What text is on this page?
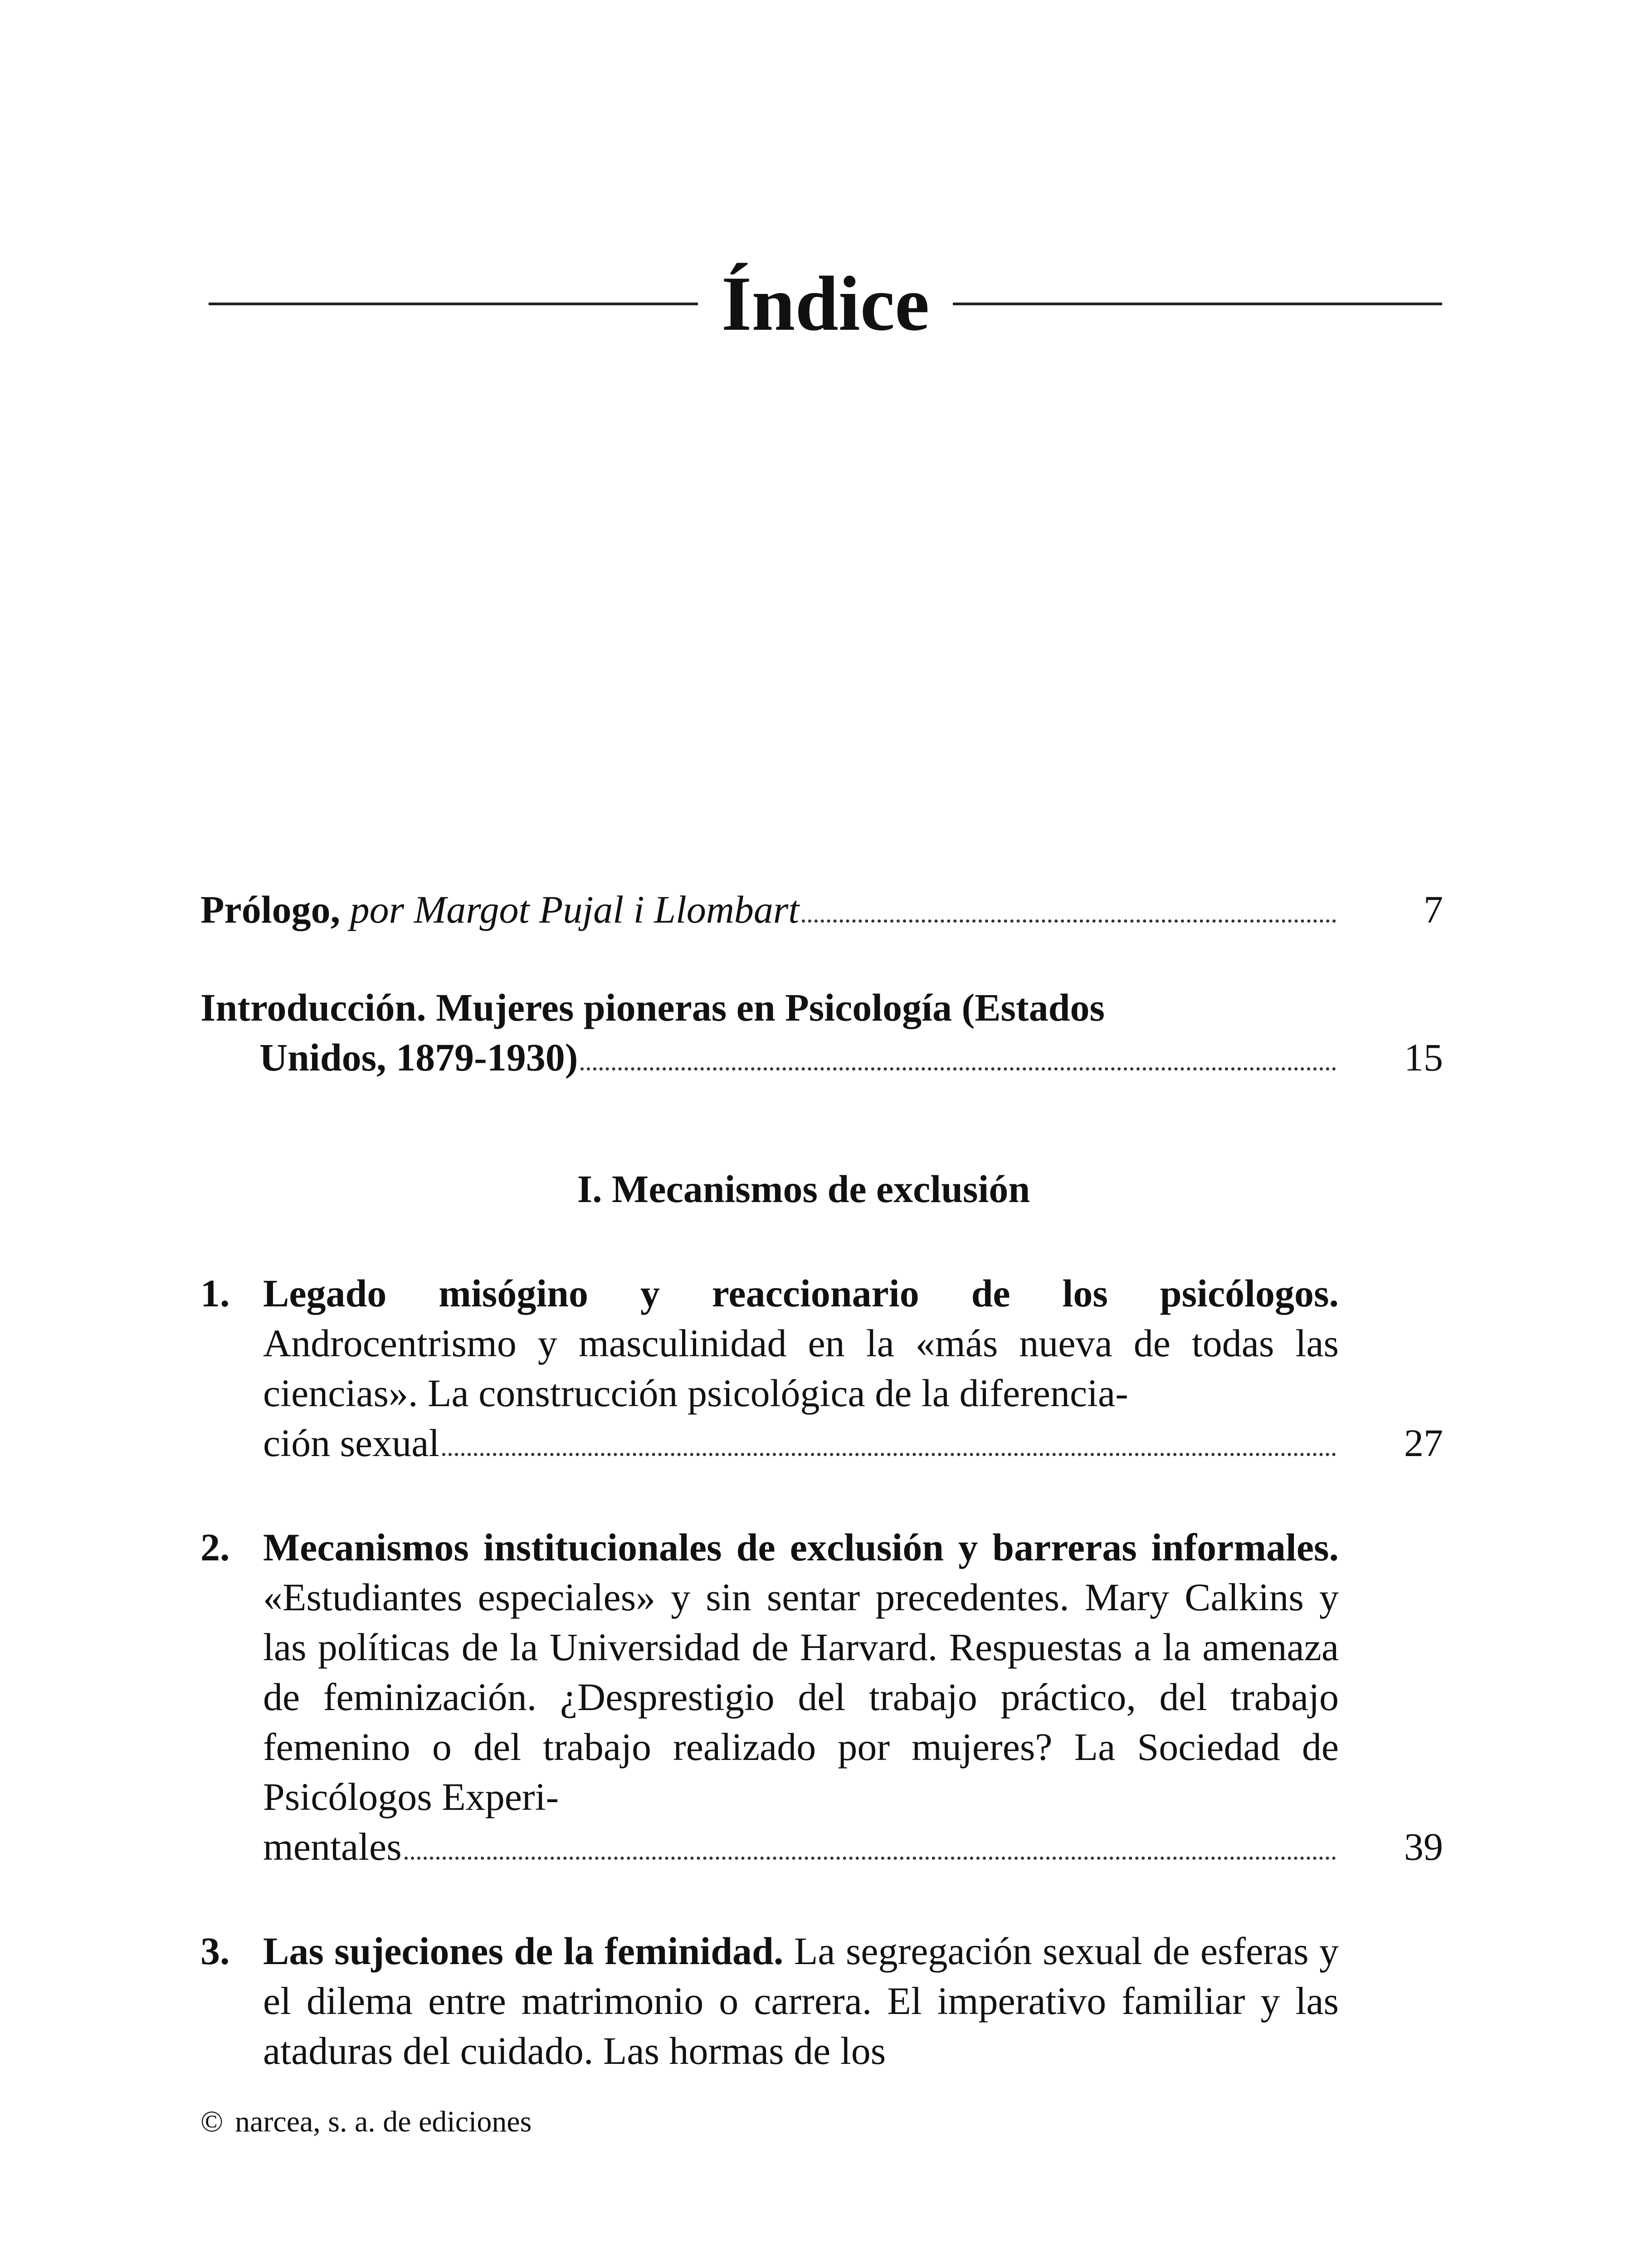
Índice
Prólogo,
por Margot Pujal i Llombart	7
Introducción. Mujeres pioneras en Psicología (Estados
Unidos, 1879-1930)	15
I. Mecanismos de exclusión
1. Legado misógino y reaccionario de los psicólogos. Androcentrismo y masculinidad en la «más nueva de todas las ciencias». La construcción psicológica de la diferencia-
ción sexual	27
2. Mecanismos institucionales de exclusión y barreras informales. «Estudiantes especiales» y sin sentar precedentes. Mary Calkins y las políticas de la Universidad de Harvard. Respuestas a la amenaza de feminización. ¿Desprestigio del trabajo práctico, del trabajo femenino o del trabajo realizado por mujeres? La Sociedad de Psicólogos Experi-
mentales	39
3. Las sujeciones de la feminidad. La segregación sexual de esferas y el dilema entre matrimonio o carrera. El imperativo familiar y las ataduras del cuidado. Las hormas de los
© narcea, s. a. de ediciones
